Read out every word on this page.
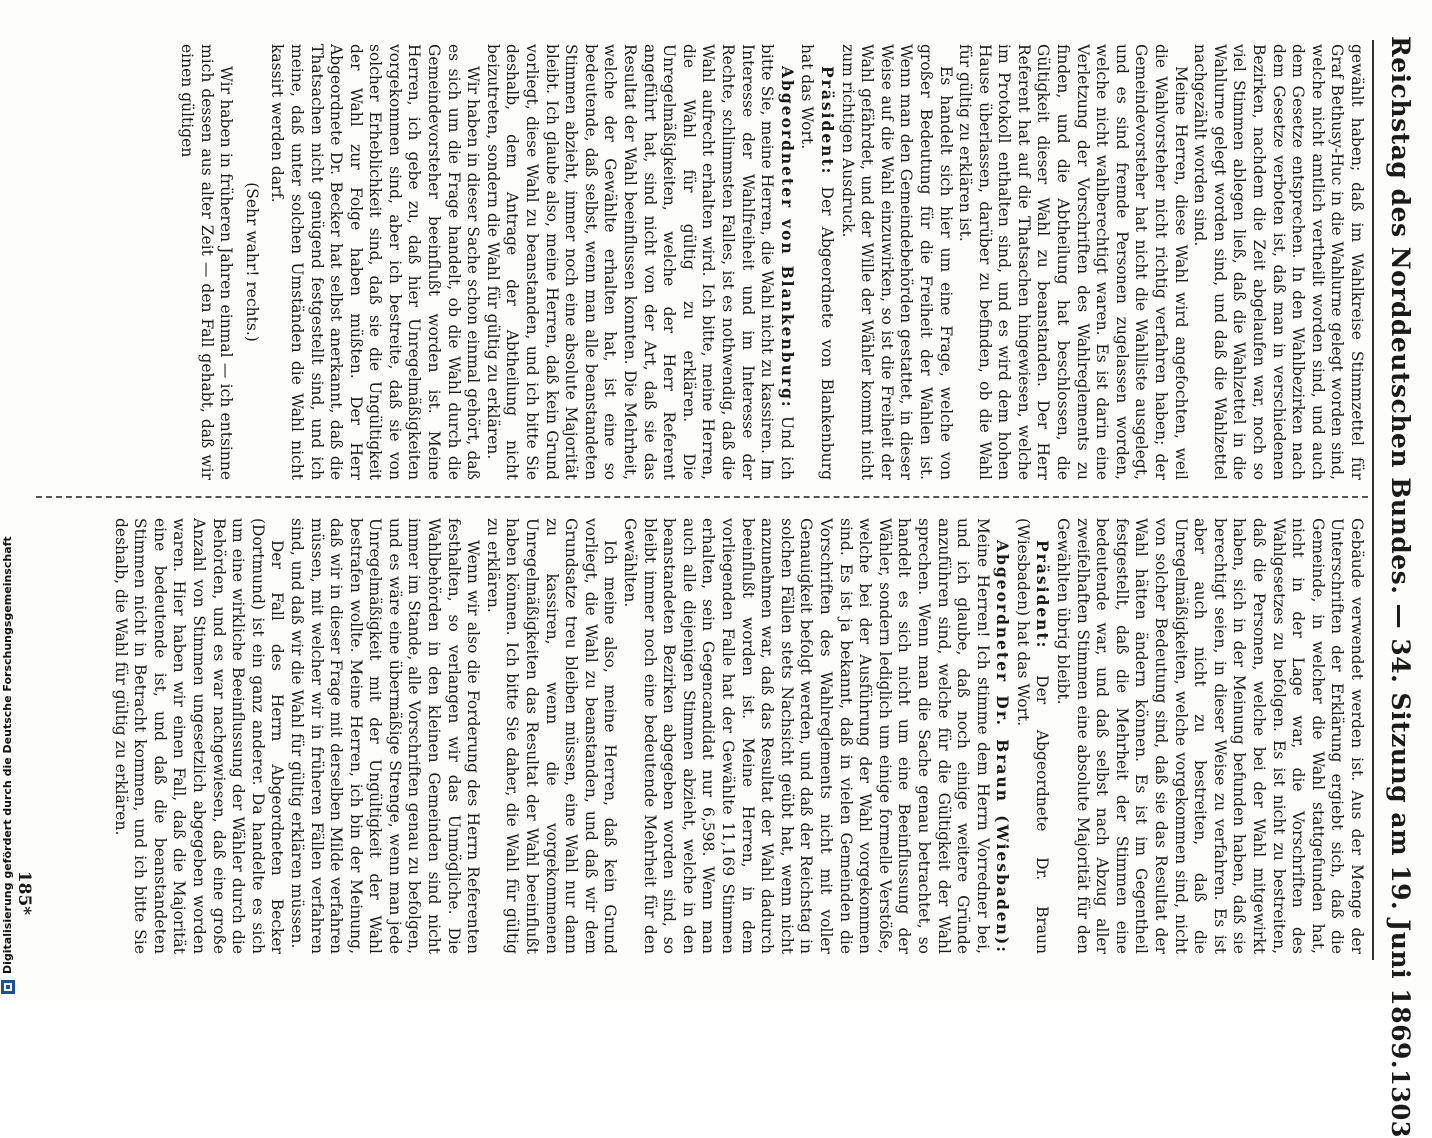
Reichstag des Norddeutschen Bundes. — 34. Sitzung am 19. Juni 1869.
1303

gewählt haben; daß im Wahlkreise Stimmzettel für Graf Bethusy-Huc in die Wahlurne gelegt worden sind, welche nicht amtlich vertheilt worden sind, und auch dem Gesetze entsprechen. In den Wahlbezirken nach dem Gesetze verboten ist, daß man in verschiedenen Bezirken, nachdem die Zeit abgelaufen war, noch so viel Stimmen ablegen ließ, daß die Wahlzettel in die Wahlurne gelegt worden sind, und daß die Wahlzettel nachgezählt worden sind.

Meine Herren, diese Wahl wird angefochten, weil die Wahlvorsteher nicht richtig verfahren haben; der Gemeindevorsteher hat nicht die Wahlliste ausgelegt, und es sind fremde Personen zugelassen worden, welche nicht wahlberechtigt waren. Es ist darin eine Verletzung der Vorschriften des Wahlreglements zu finden, und die Abtheilung hat beschlossen, die Gültigkeit dieser Wahl zu beanstanden. Der Herr Referent hat auf die Thatsachen hingewiesen, welche im Protokoll enthalten sind, und es wird dem hohen Hause überlassen, darüber zu befinden, ob die Wahl für gültig zu erklären ist.

Es handelt sich hier um eine Frage, welche von großer Bedeutung für die Freiheit der Wahlen ist. Wenn man den Gemeindebehörden gestattet, in dieser Weise auf die Wahl einzuwirken, so ist die Freiheit der Wahl gefährdet, und der Wille der Wähler kommt nicht zum richtigen Ausdruck.

Präsident: Der Abgeordnete von Blankenburg hat das Wort.

Abgeordneter von Blankenburg: Und ich bitte Sie, meine Herren, die Wahl nicht zu kassiren. Im Interesse der Wahlfreiheit und im Interesse der Rechte, schlimmsten Falles, ist es nothwendig, daß die Wahl aufrecht erhalten wird. Ich bitte, meine Herren, die Wahl für gültig zu erklären. Die Unregelmäßigkeiten, welche der Herr Referent angeführt hat, sind nicht von der Art, daß sie das Resultat der Wahl beeinflussen konnten. Die Mehrheit, welche der Gewählte erhalten hat, ist eine so bedeutende, daß selbst, wenn man alle beanstandeten Stimmen abzieht, immer noch eine absolute Majorität bleibt. Ich glaube also, meine Herren, daß kein Grund vorliegt, diese Wahl zu beanstanden, und ich bitte Sie deshalb, dem Antrage der Abtheilung nicht beizutreten, sondern die Wahl für gültig zu erklären.

Wir haben in dieser Sache schon einmal gehört, daß es sich um die Frage handelt, ob die Wahl durch die Gemeindevorsteher beeinflußt worden ist. Meine Herren, ich gebe zu, daß hier Unregelmäßigkeiten vorgekommen sind, aber ich bestreite, daß sie von solcher Erheblichkeit sind, daß sie die Ungültigkeit der Wahl zur Folge haben müßten. Der Herr Abgeordnete Dr. Becker hat selbst anerkannt, daß die Thatsachen nicht genügend festgestellt sind, und ich meine, daß unter solchen Umständen die Wahl nicht kassirt werden darf.

(Sehr wahr! rechts.)

Wir haben in früheren Jahren einmal — ich entsinne mich dessen aus alter Zeit — den Fall gehabt, daß wir einen gültigen

Gebäude verwendet werden ist. Aus der Menge der Unterschriften der Erklärung ergiebt sich, daß die Gemeinde, in welcher die Wahl stattgefunden hat, nicht in der Lage war, die Vorschriften des Wahlgesetzes zu befolgen. Es ist nicht zu bestreiten, daß die Personen, welche bei der Wahl mitgewirkt haben, sich in der Meinung befunden haben, daß sie berechtigt seien, in dieser Weise zu verfahren. Es ist aber auch nicht zu bestreiten, daß die Unregelmäßigkeiten, welche vorgekommen sind, nicht von solcher Bedeutung sind, daß sie das Resultat der Wahl hätten ändern können. Es ist im Gegentheil festgestellt, daß die Mehrheit der Stimmen eine bedeutende war, und daß selbst nach Abzug aller zweifelhaften Stimmen eine absolute Majorität für den Gewählten übrig bleibt.

Präsident: Der Abgeordnete Dr. Braun (Wiesbaden) hat das Wort.

Abgeordneter Dr. Braun (Wiesbaden): Meine Herren! Ich stimme dem Herrn Vorredner bei, und ich glaube, daß noch einige weitere Gründe anzuführen sind, welche für die Gültigkeit der Wahl sprechen. Wenn man die Sache genau betrachtet, so handelt es sich nicht um eine Beeinflussung der Wähler, sondern lediglich um einige formelle Verstöße, welche bei der Ausführung der Wahl vorgekommen sind. Es ist ja bekannt, daß in vielen Gemeinden die Vorschriften des Wahlreglements nicht mit voller Genauigkeit befolgt werden, und daß der Reichstag in solchen Fällen stets Nachsicht geübt hat, wenn nicht anzunehmen war, daß das Resultat der Wahl dadurch beeinflußt worden ist. Meine Herren, in dem vorliegenden Falle hat der Gewählte 11,169 Stimmen erhalten, sein Gegencandidat nur 6,598. Wenn man auch alle diejenigen Stimmen abzieht, welche in den beanstandeten Bezirken abgegeben worden sind, so bleibt immer noch eine bedeutende Mehrheit für den Gewählten.

Ich meine also, meine Herren, daß kein Grund vorliegt, die Wahl zu beanstanden, und daß wir dem Grundsatze treu bleiben müssen, eine Wahl nur dann zu kassiren, wenn die vorgekommenen Unregelmäßigkeiten das Resultat der Wahl beeinflußt haben können. Ich bitte Sie daher, die Wahl für gültig zu erklären.

Wenn wir also die Forderung des Herrn Referenten festhalten, so verlangen wir das Unmögliche. Die Wahlbehörden in den kleinen Gemeinden sind nicht immer im Stande, alle Vorschriften genau zu befolgen, und es wäre eine übermäßige Strenge, wenn man jede Unregelmäßigkeit mit der Ungültigkeit der Wahl bestrafen wollte. Meine Herren, ich bin der Meinung, daß wir in dieser Frage mit derselben Milde verfahren müssen, mit welcher wir in früheren Fällen verfahren sind, und daß wir die Wahl für gültig erklären müssen.

Der Fall des Herrn Abgeordneten Becker (Dortmund) ist ein ganz anderer. Da handelte es sich um eine wirkliche Beeinflussung der Wähler durch die Behörden, und es war nachgewiesen, daß eine große Anzahl von Stimmen ungesetzlich abgegeben worden waren. Hier haben wir einen Fall, daß die Majorität eine bedeutende ist, und daß die beanstandeten Stimmen nicht in Betracht kommen, und ich bitte Sie deshalb, die Wahl für gültig zu erklären.

185*
Digitalisierung gefördert durch die Deutsche Forschungsgemeinschaft
